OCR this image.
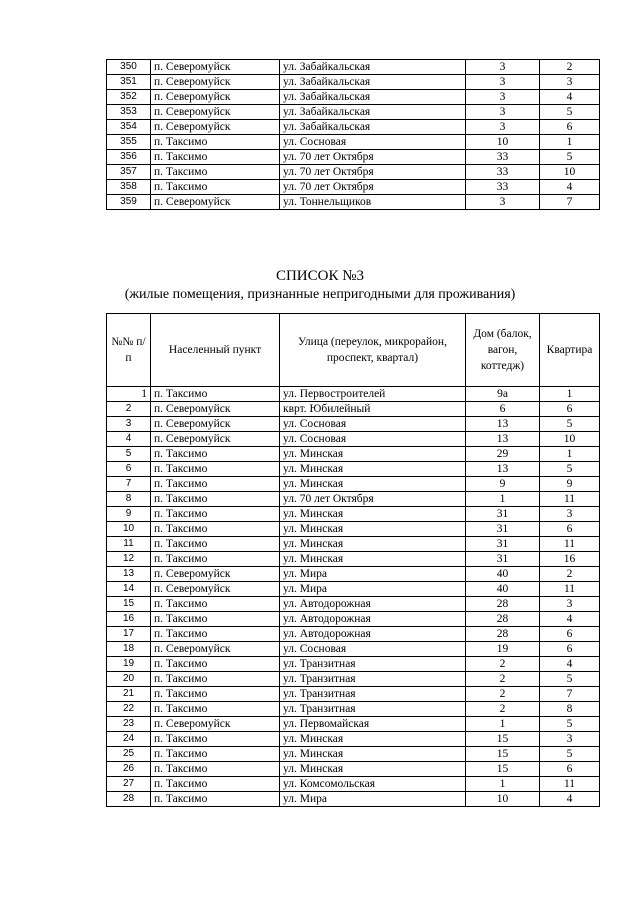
350	п. Северомуйск	ул. Забайкальская	3	2
351	п. Северомуйск	ул. Забайкальская	3	3
352	п. Северомуйск	ул. Забайкальская	3	4
353	п. Северомуйск	ул. Забайкальская	3	5
354	п. Северомуйск	ул. Забайкальская	3	6
355	п. Таксимо	ул. Сосновая	10	1
356	п. Таксимо	ул. 70 лет Октября	33	5
357	п. Таксимо	ул. 70 лет Октября	33	10
358	п. Таксимо	ул. 70 лет Октября	33	4
359	п. Северомуйск	ул. Тоннельщиков	3	7
СПИСОК №3
(жилые помещения, признанные непригодными для проживания)
№№ п/п	Населенный пункт	Улица (переулок, микрорайон, проспект, квартал)	Дом (балок, вагон, коттедж)	Квартира
1	п. Таксимо	ул. Первостроителей	9а	1
2	п. Северомуйск	кврт. Юбилейный	6	6
3	п. Северомуйск	ул. Сосновая	13	5
4	п. Северомуйск	ул. Сосновая	13	10
5	п. Таксимо	ул. Минская	29	1
6	п. Таксимо	ул. Минская	13	5
7	п. Таксимо	ул. Минская	9	9
8	п. Таксимо	ул. 70 лет Октября	1	11
9	п. Таксимо	ул. Минская	31	3
10	п. Таксимо	ул. Минская	31	6
11	п. Таксимо	ул. Минская	31	11
12	п. Таксимо	ул. Минская	31	16
13	п. Северомуйск	ул. Мира	40	2
14	п. Северомуйск	ул. Мира	40	11
15	п. Таксимо	ул. Автодорожная	28	3
16	п. Таксимо	ул. Автодорожная	28	4
17	п. Таксимо	ул. Автодорожная	28	6
18	п. Северомуйск	ул. Сосновая	19	6
19	п. Таксимо	ул. Транзитная	2	4
20	п. Таксимо	ул. Транзитная	2	5
21	п. Таксимо	ул. Транзитная	2	7
22	п. Таксимо	ул. Транзитная	2	8
23	п. Северомуйск	ул. Первомайская	1	5
24	п. Таксимо	ул. Минская	15	3
25	п. Таксимо	ул. Минская	15	5
26	п. Таксимо	ул. Минская	15	6
27	п. Таксимо	ул. Комсомольская	1	11
28	п. Таксимо	ул. Мира	10	4
